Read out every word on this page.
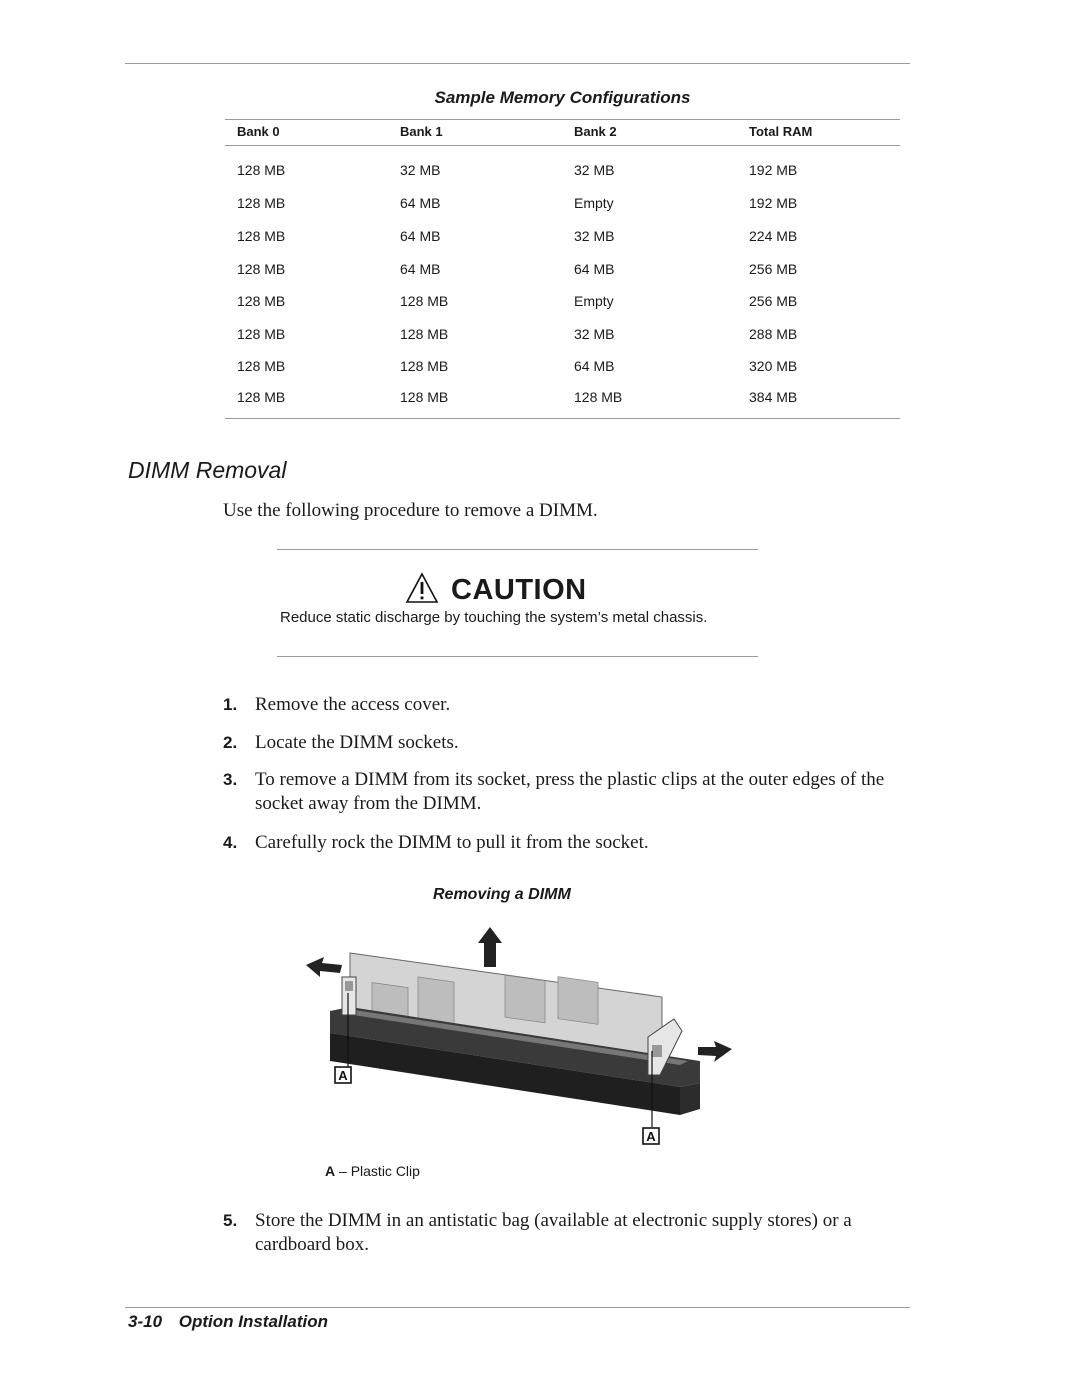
Sample Memory Configurations
Bank 0	Bank 1	Bank 2	Total RAM
128 MB	32 MB	32 MB	192 MB
128 MB	64 MB	Empty	192 MB
128 MB	64 MB	32 MB	224 MB
128 MB	64 MB	64 MB	256 MB
128 MB	128 MB	Empty	256 MB
128 MB	128 MB	32 MB	288 MB
128 MB	128 MB	64 MB	320 MB
128 MB	128 MB	128 MB	384 MB
DIMM Removal
Use the following procedure to remove a DIMM.
CAUTION
Reduce static discharge by touching the system’s metal chassis.
1. Remove the access cover.
2. Locate the DIMM sockets.
3. To remove a DIMM from its socket, press the plastic clips at the outer edges of the socket away from the DIMM.
4. Carefully rock the DIMM to pull it from the socket.
Removing a DIMM
A
A
A – Plastic Clip
5. Store the DIMM in an antistatic bag (available at electronic supply stores) or a cardboard box.
3-10 Option Installation
